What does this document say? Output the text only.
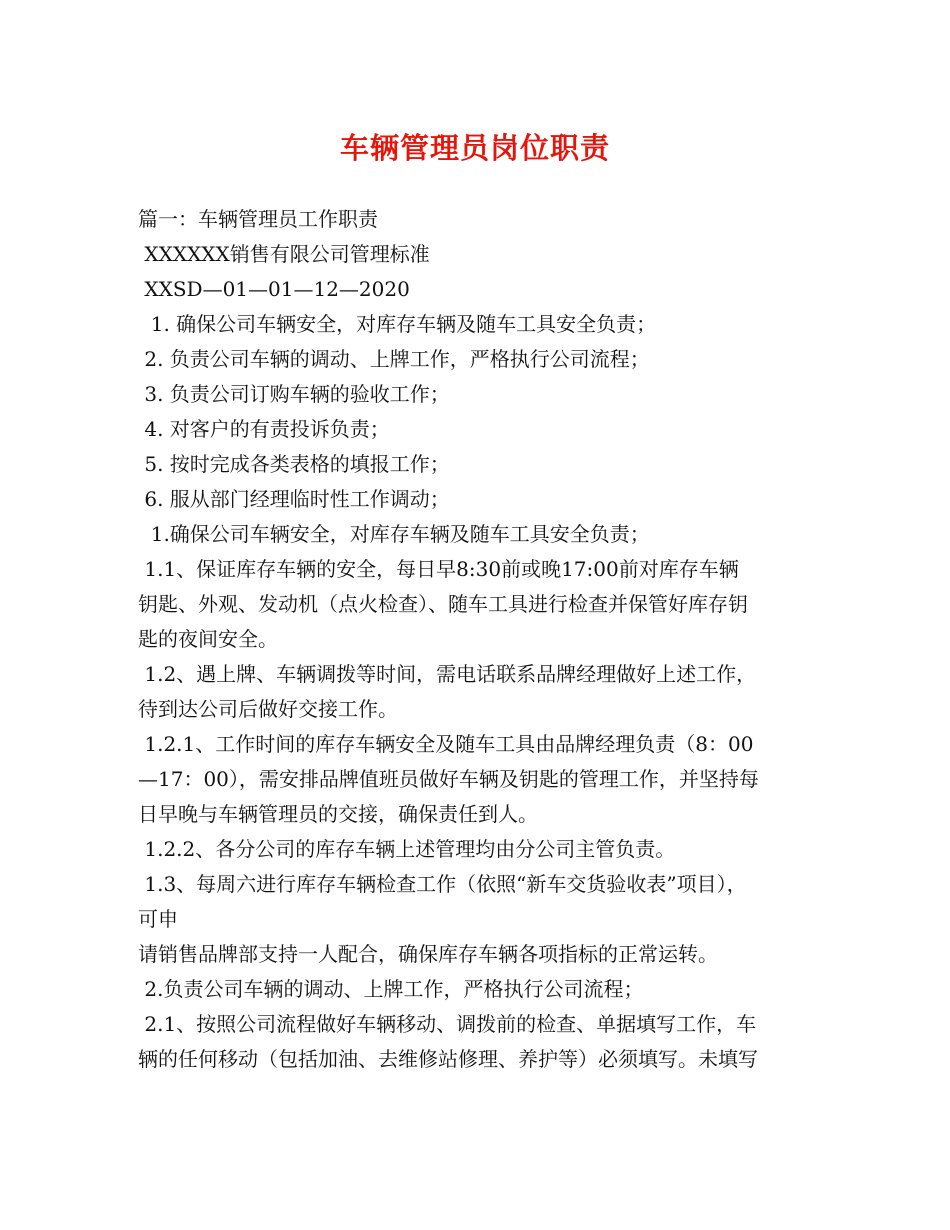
车辆管理员岗位职责
篇一：车辆管理员工作职责
XXXXXX销售有限公司管理标准
XXSD—01—01—12—2020
1. 确保公司车辆安全，对库存车辆及随车工具安全负责；
2. 负责公司车辆的调动、上牌工作，严格执行公司流程；
3. 负责公司订购车辆的验收工作；
4. 对客户的有责投诉负责；
5. 按时完成各类表格的填报工作；
6. 服从部门经理临时性工作调动；
1.确保公司车辆安全，对库存车辆及随车工具安全负责；
1.1、保证库存车辆的安全，每日早8:30前或晚17:00前对库存车辆
钥匙、外观、发动机（点火检查）、随车工具进行检查并保管好库存钥
匙的夜间安全。
1.2、遇上牌、车辆调拨等时间，需电话联系品牌经理做好上述工作，
待到达公司后做好交接工作。
1.2.1、工作时间的库存车辆安全及随车工具由品牌经理负责（8：00
—17：00），需安排品牌值班员做好车辆及钥匙的管理工作，并坚持每
日早晚与车辆管理员的交接，确保责任到人。
1.2.2、各分公司的库存车辆上述管理均由分公司主管负责。
1.3、每周六进行库存车辆检查工作（依照“新车交货验收表”项目），
可申
请销售品牌部支持一人配合，确保库存车辆各项指标的正常运转。
2.负责公司车辆的调动、上牌工作，严格执行公司流程；
2.1、按照公司流程做好车辆移动、调拨前的检查、单据填写工作，车
辆的任何移动（包括加油、去维修站修理、养护等）必须填写。未填写
